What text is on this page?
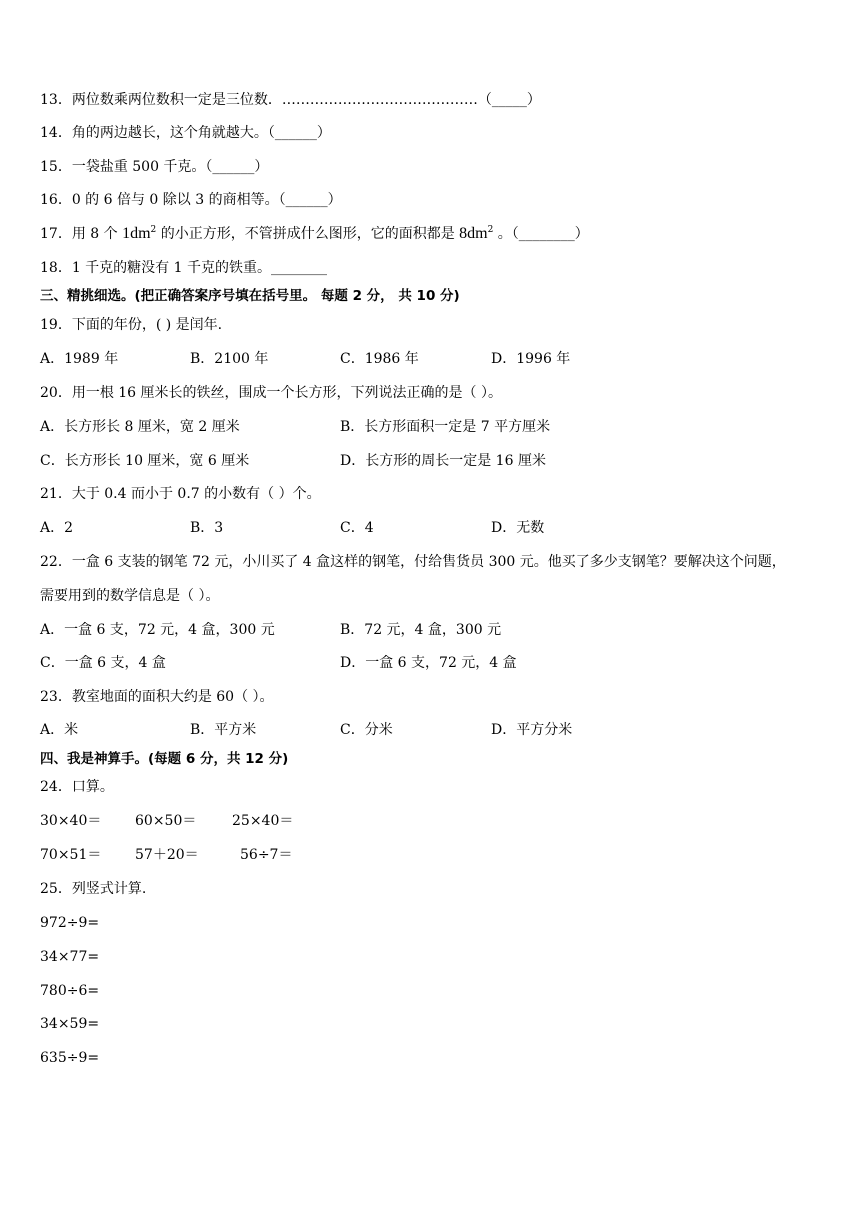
13．两位数乘两位数积一定是三位数．……………………………………（_____）
14．角的两边越长，这个角就越大。（______）
15．一袋盐重 500 千克。（______）
16．0 的 6 倍与 0 除以 3 的商相等。（______）
17．用 8 个 $1dm^2$ 的小正方形，不管拼成什么图形，它的面积都是 $8dm^2$ 。（________）
18．1 千克的糖没有 1 千克的铁重。________
三、精挑细选。(把正确答案序号填在括号里。 每题 2 分， 共 10 分)
19．下面的年份，( ) 是闰年.
A．1989 年	B．2100 年	C．1986 年	D．1996 年
20．用一根 16 厘米长的铁丝，围成一个长方形，下列说法正确的是（ ）。
A．长方形长 8 厘米，宽 2 厘米	B．长方形面积一定是 7 平方厘米
C．长方形长 10 厘米，宽 6 厘米	D．长方形的周长一定是 16 厘米
21．大于 0.4 而小于 0.7 的小数有（ ）个。
A．2	B．3	C．4	D．无数
22．一盒 6 支装的钢笔 72 元，小川买了 4 盒这样的钢笔，付给售货员 300 元。他买了多少支钢笔？要解决这个问题，
需要用到的数学信息是（ ）。
A．一盒 6 支，72 元，4 盒，300 元	B．72 元，4 盒，300 元
C．一盒 6 支，4 盒	D．一盒 6 支，72 元，4 盒
23．教室地面的面积大约是 60（ ）。
A．米	B．平方米	C．分米	D．平方分米
四、我是神算手。(每题 6 分，共 12 分)
24．口算。
30×40＝ 60×50＝	25×40＝
70×51＝ 57＋20＝	56÷7＝
25．列竖式计算.
972÷9=
34×77=
780÷6=
34×59=
635÷9=
